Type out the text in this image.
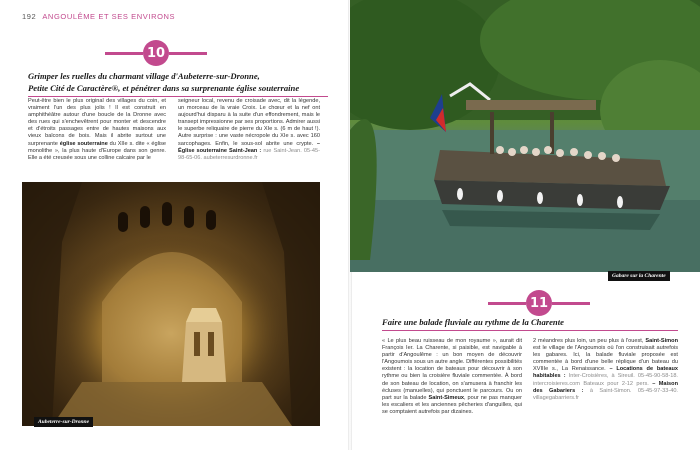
192 ANGOULÊME ET SES ENVIRONS
10
Grimper les ruelles du charmant village d'Aubeterre-sur-Dronne,
Petite Cité de Caractère®, et pénétrer dans sa surprenante église souterraine
Peut-être bien le plus original des villages du coin, et vraiment l'un des plus jolis ! Il est construit en amphithéâtre autour d'une boucle de la Dronne avec des rues qui s'enchevêtrent pour monter et descendre et d'étroits passages entre de hautes maisons aux vieux balcons de bois. Mais il abrite surtout une surprenante église souterraine du XIIe s. dite « église monolithe », la plus haute d'Europe dans son genre. Elle a été creusée sous une colline calcaire par le
seigneur local, revenu de croisade avec, dit la légende, un morceau de la vraie Croix. Le chœur et la nef ont aujourd'hui disparu à la suite d'un effondrement, mais le transept impressionne par ses proportions. Admirer aussi le superbe reliquaire de pierre du XIe s. (6 m de haut !). Autre surprise : une vaste nécropole du XIe s. avec 160 sarcophages. Enfin, le sous-sol abrite une crypte. – Église souterraine Saint-Jean : rue Saint-Jean. 05-45-98-65-06. aubeterresurdronne.fr
Aubeterre-sur-Dronne
Gabare sur la Charente
11
Faire une balade fluviale au rythme de la Charente
« Le plus beau ruisseau de mon royaume », aurait dit François Ier. La Charente, si paisible, est navigable à partir d'Angoulême : un bon moyen de découvrir l'Angoumois sous un autre angle. Différentes possibilités existent : la location de bateaux pour découvrir à son rythme ou bien la croisière fluviale commentée. À bord de son bateau de location, on s'amusera à franchir les écluses (manuelles), qui ponctuent le parcours. Ou on part sur la balade Saint-Simeux, pour ne pas manquer les escaliers et les anciennes pêcheries d'anguilles, qui se comptaient autrefois par dizaines.
2 méandres plus loin, un peu plus à l'ouest, Saint-Simon est le village de l'Angoumois où l'on construisait autrefois les gabares. Ici, la balade fluviale proposée est commentée à bord d'une belle réplique d'un bateau du XVIIIe s., La Renaissance. – Locations de bateaux habitables : Inter-Croisières, à Sireuil. 05-45-90-58-18. intercroisieres.com Bateaux pour 2-12 pers. – Maison des Gabariers : à Saint-Simon. 05-45-97-33-40. villagegabarriers.fr
